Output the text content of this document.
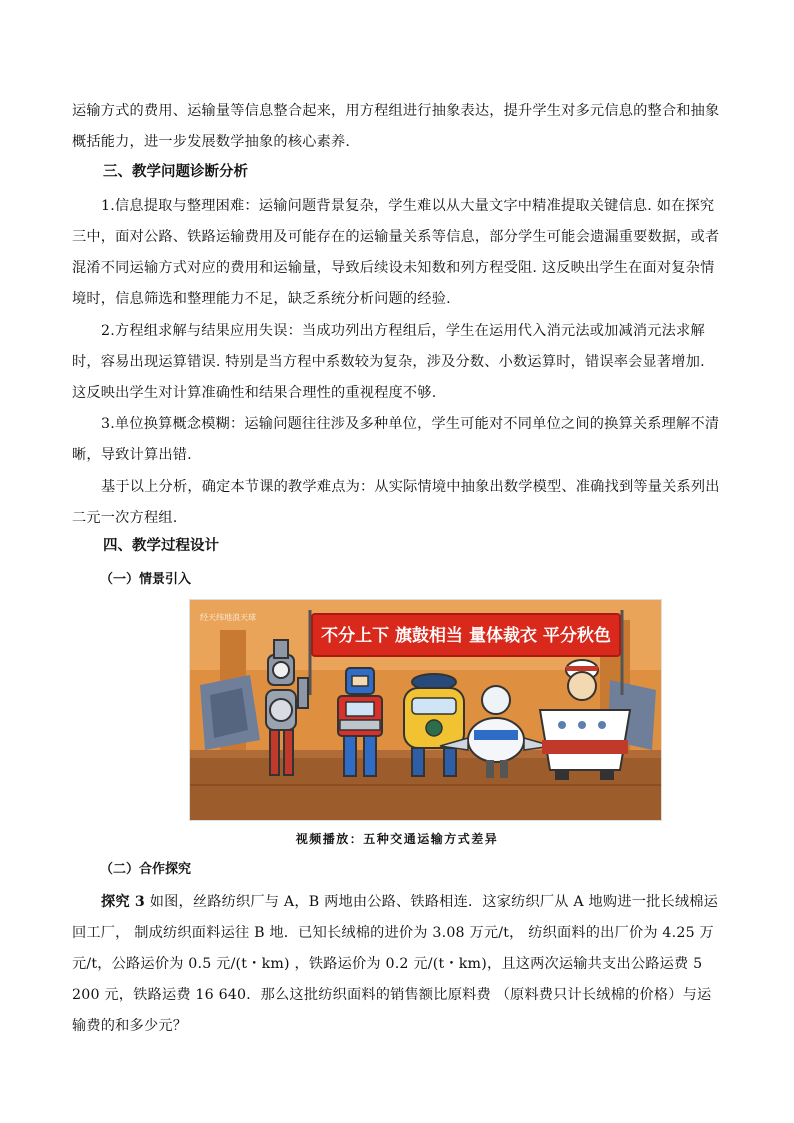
运输方式的费用、运输量等信息整合起来，用方程组进行抽象表达，提升学生对多元信息的整合和抽象概括能力，进一步发展数学抽象的核心素养.
三、教学问题诊断分析
1.信息提取与整理困难：运输问题背景复杂，学生难以从大量文字中精准提取关键信息. 如在探究三中，面对公路、铁路运输费用及可能存在的运输量关系等信息，部分学生可能会遗漏重要数据，或者混淆不同运输方式对应的费用和运输量，导致后续设未知数和列方程受阻. 这反映出学生在面对复杂情境时，信息筛选和整理能力不足，缺乏系统分析问题的经验.
2.方程组求解与结果应用失误：当成功列出方程组后，学生在运用代入消元法或加减消元法求解时，容易出现运算错误. 特别是当方程中系数较为复杂，涉及分数、小数运算时，错误率会显著增加. 这反映出学生对计算准确性和结果合理性的重视程度不够.
3.单位换算概念模糊：运输问题往往涉及多种单位，学生可能对不同单位之间的换算关系理解不清晰，导致计算出错.
基于以上分析，确定本节课的教学难点为：从实际情境中抽象出数学模型、准确找到等量关系列出二元一次方程组.
四、教学过程设计
（一）情景引入
经天纬地浪天球
不分上下 旗鼓相当 量体裁衣 平分秋色
视频播放：五种交通运输方式差异
（二）合作探究
探究 3 如图，丝路纺织厂与 A，B 两地由公路、铁路相连．这家纺织厂从 A 地购进一批长绒棉运回工厂， 制成纺织面料运往 B 地．已知长绒棉的进价为 3.08 万元/t， 纺织面料的出厂价为 4.25 万元/t，公路运价为 0.5 元/(t・km) ，铁路运价为 0.2 元/(t・km)，且这两次运输共支出公路运费 5 200 元，铁路运费 16 640．那么这批纺织面料的销售额比原料费 （原料费只计长绒棉的价格）与运输费的和多少元？
